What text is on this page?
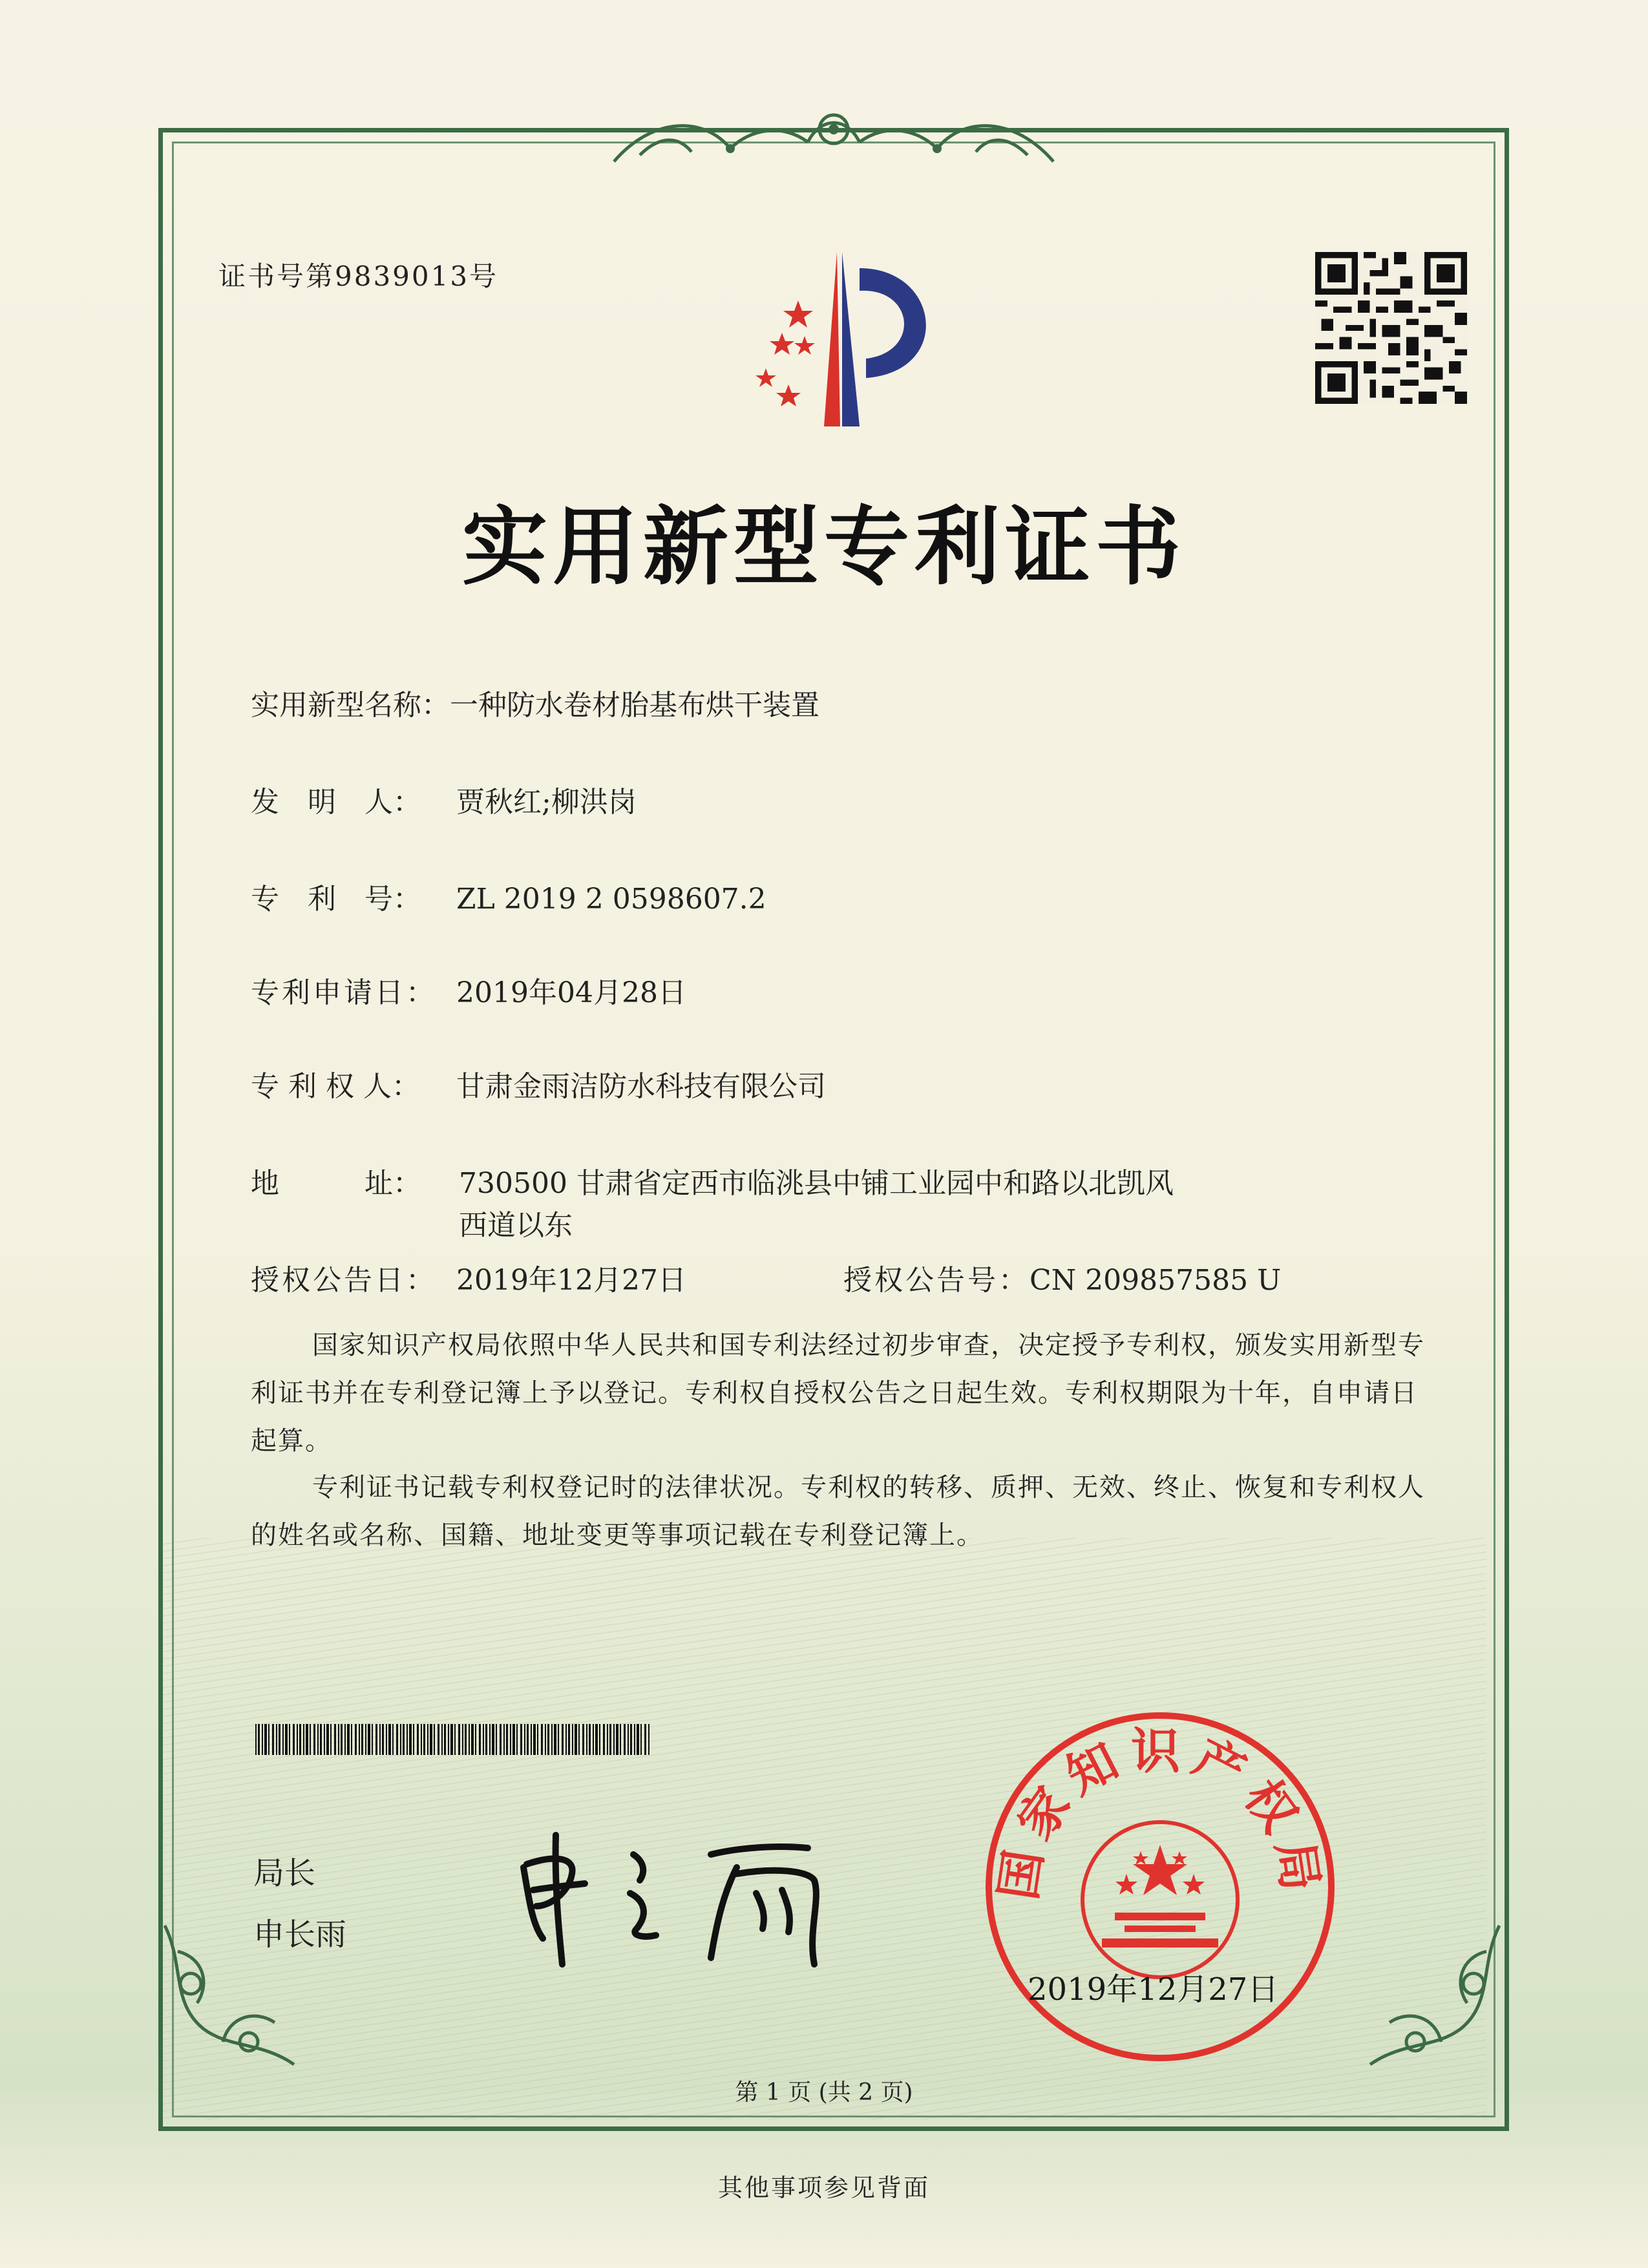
证书号第9839013号
实用新型专利证书
实用新型名称：一种防水卷材胎基布烘干装置
发　明　人： 贾秋红;柳洪岗
专　利　号： ZL 2019 2 0598607.2
专利申请日： 2019年04月28日
专 利 权 人： 甘肃金雨洁防水科技有限公司
地　　　址： 730500 甘肃省定西市临洮县中铺工业园中和路以北凯风
西道以东
授权公告日： 2019年12月27日	授权公告号：CN 209857585 U
国家知识产权局依照中华人民共和国专利法经过初步审查，决定授予专利权，颁发实用新型专利证书并在专利登记簿上予以登记。专利权自授权公告之日起生效。专利权期限为十年，自申请日起算。
专利证书记载专利权登记时的法律状况。专利权的转移、质押、无效、终止、恢复和专利权人的姓名或名称、国籍、地址变更等事项记载在专利登记簿上。
局长
申长雨
国家知识产权局
2019年12月27日
第 1 页 (共 2 页)
其他事项参见背面
